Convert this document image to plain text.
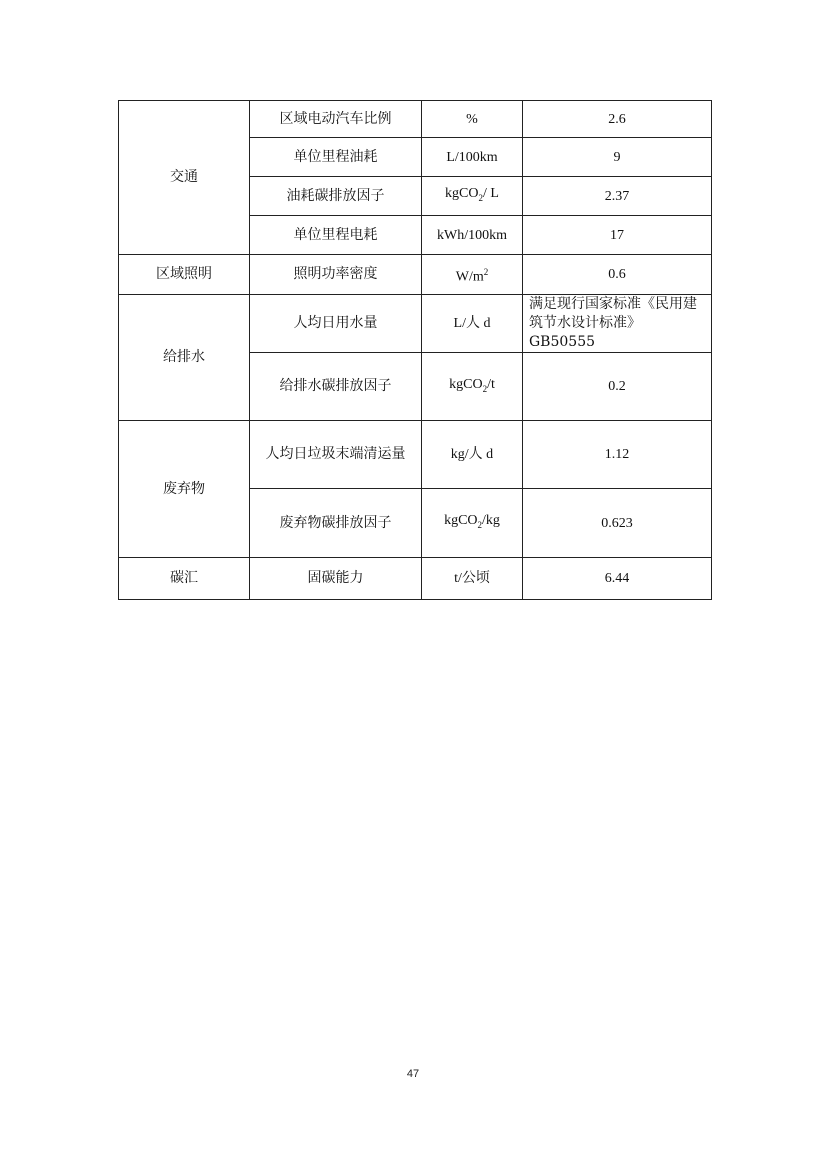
交通	区域电动汽车比例	%	2.6
	单位里程油耗	L/100km	9
	油耗碳排放因子	kgCO$_2$/ L	2.37
	单位里程电耗	kWh/100km	17
区域照明	照明功率密度	$W/m^2$	0.6
给排水	人均日用水量	L/人 d	满足现行国家标准《民用建
筑节水设计标准》GB50555

	给排水碳排放因子	kgCO$_2$/t	0.2
废弃物	人均日垃圾末端清运量	kg/人 d	1.12
	废弃物碳排放因子	kgCO$_2$/kg	0.623
碳汇	固碳能力	t/公顷	6.44
47
